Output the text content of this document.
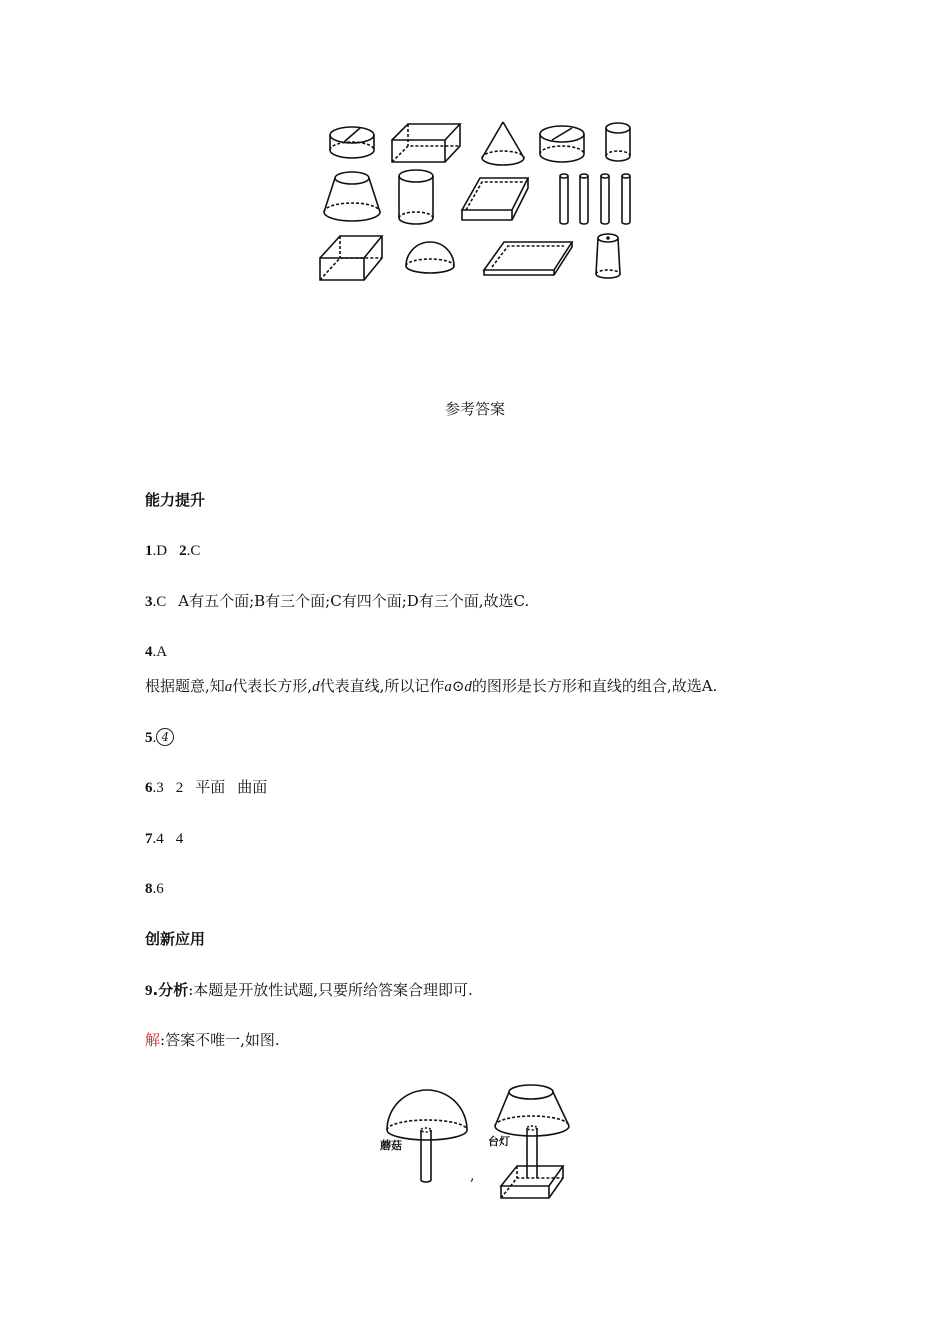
参考答案
能力提升
1.D 2.C
3.C A有五个面;B有三个面;C有四个面;D有三个面,故选C.
4.A
根据题意,知a代表长方形,d代表直线,所以记作a⊙d的图形是长方形和直线的组合,故选A.
5. 4
6.3 2 平面 曲面
7.4 4
8.6
创新应用
9.分析:本题是开放性试题,只要所给答案合理即可.
解:答案不唯一,如图.
蘑菇	台灯
,
